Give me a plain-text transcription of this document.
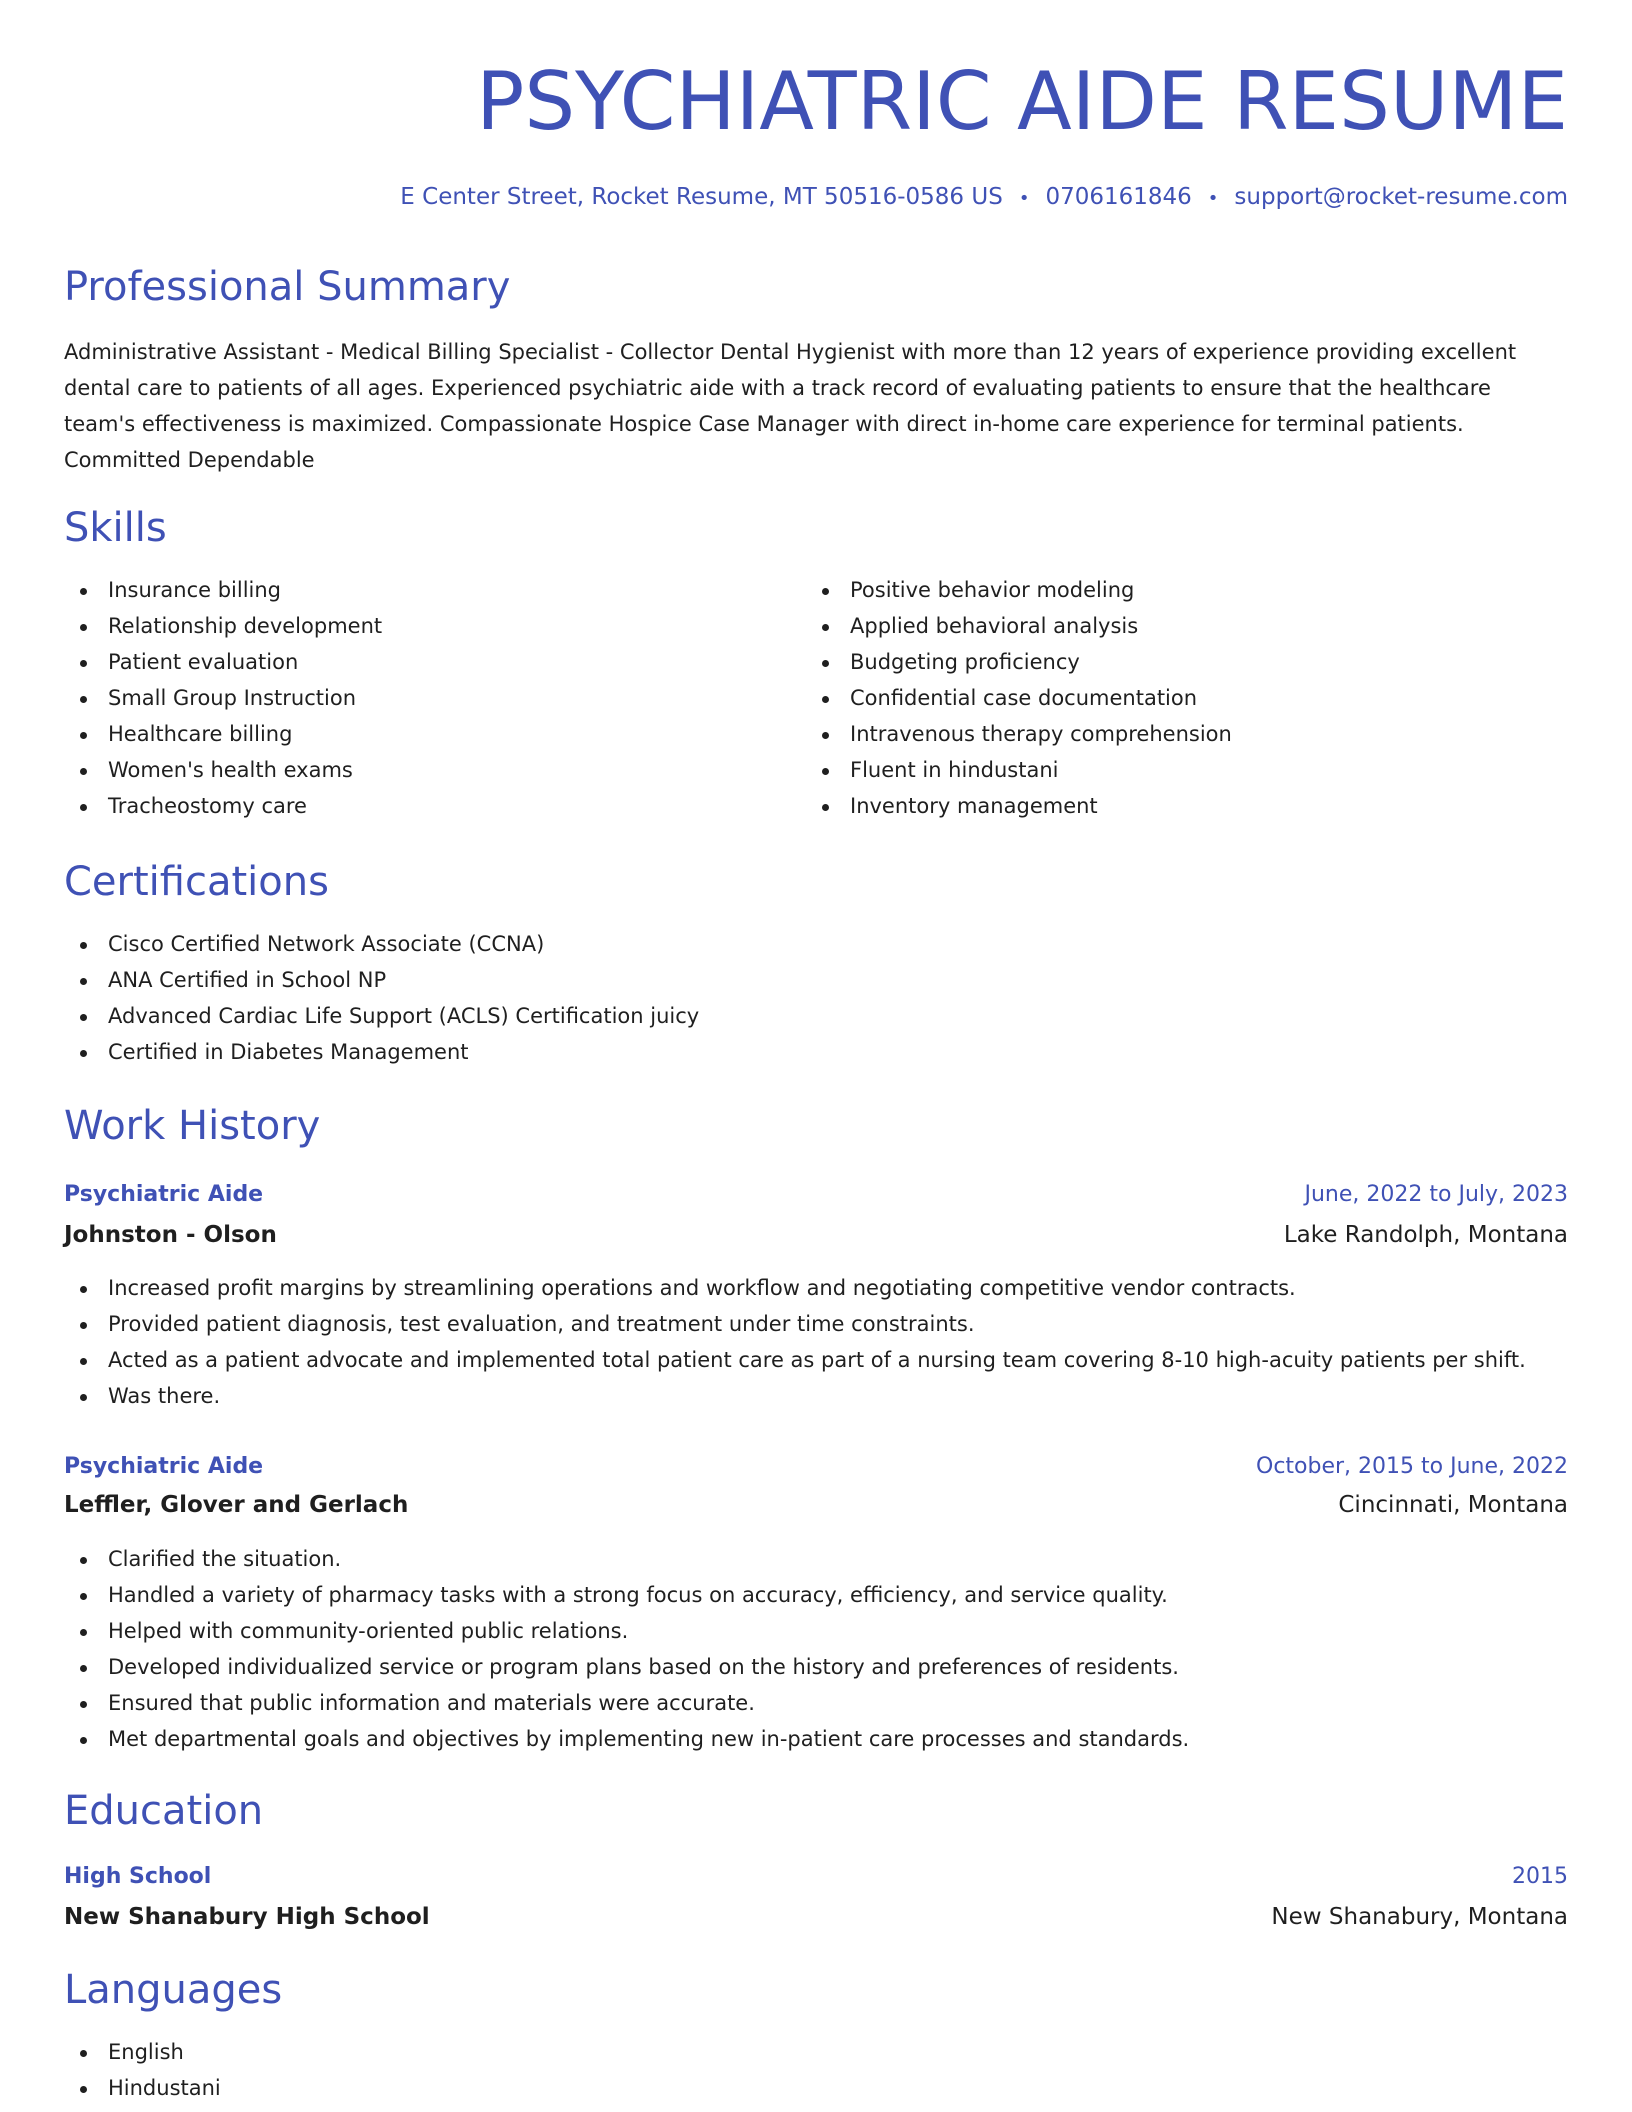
PSYCHIATRIC AIDE RESUME
E Center Street, Rocket Resume, MT 50516-0586 US • 0706161846 • support@rocket-resume.com
Professional Summary

Administrative Assistant - Medical Billing Specialist - Collector Dental Hygienist with more than 12 years of experience providing excellent dental care to patients of all ages. Experienced psychiatric aide with a track record of evaluating patients to ensure that the healthcare team's effectiveness is maximized. Compassionate Hospice Case Manager with direct in-home care experience for terminal patients. Committed Dependable

Skills
Insurance billing
Relationship development
Patient evaluation
Small Group Instruction
Healthcare billing
Women's health exams
Tracheostomy care
Positive behavior modeling
Applied behavioral analysis
Budgeting proficiency
Confidential case documentation
Intravenous therapy comprehension
Fluent in hindustani
Inventory management
Certifications
Cisco Certified Network Associate (CCNA)
ANA Certified in School NP
Advanced Cardiac Life Support (ACLS) Certification juicy
Certified in Diabetes Management
Work History
Psychiatric Aide	June, 2022 to July, 2023
Johnston - Olson	Lake Randolph, Montana
Increased profit margins by streamlining operations and workflow and negotiating competitive vendor contracts.
Provided patient diagnosis, test evaluation, and treatment under time constraints.
Acted as a patient advocate and implemented total patient care as part of a nursing team covering 8-10 high-acuity patients per shift.
Was there.
Psychiatric Aide	October, 2015 to June, 2022
Leffler, Glover and Gerlach	Cincinnati, Montana
Clarified the situation.
Handled a variety of pharmacy tasks with a strong focus on accuracy, efficiency, and service quality.
Helped with community-oriented public relations.
Developed individualized service or program plans based on the history and preferences of residents.
Ensured that public information and materials were accurate.
Met departmental goals and objectives by implementing new in-patient care processes and standards.
Education
High School	2015
New Shanabury High School	New Shanabury, Montana
Languages
English
Hindustani
